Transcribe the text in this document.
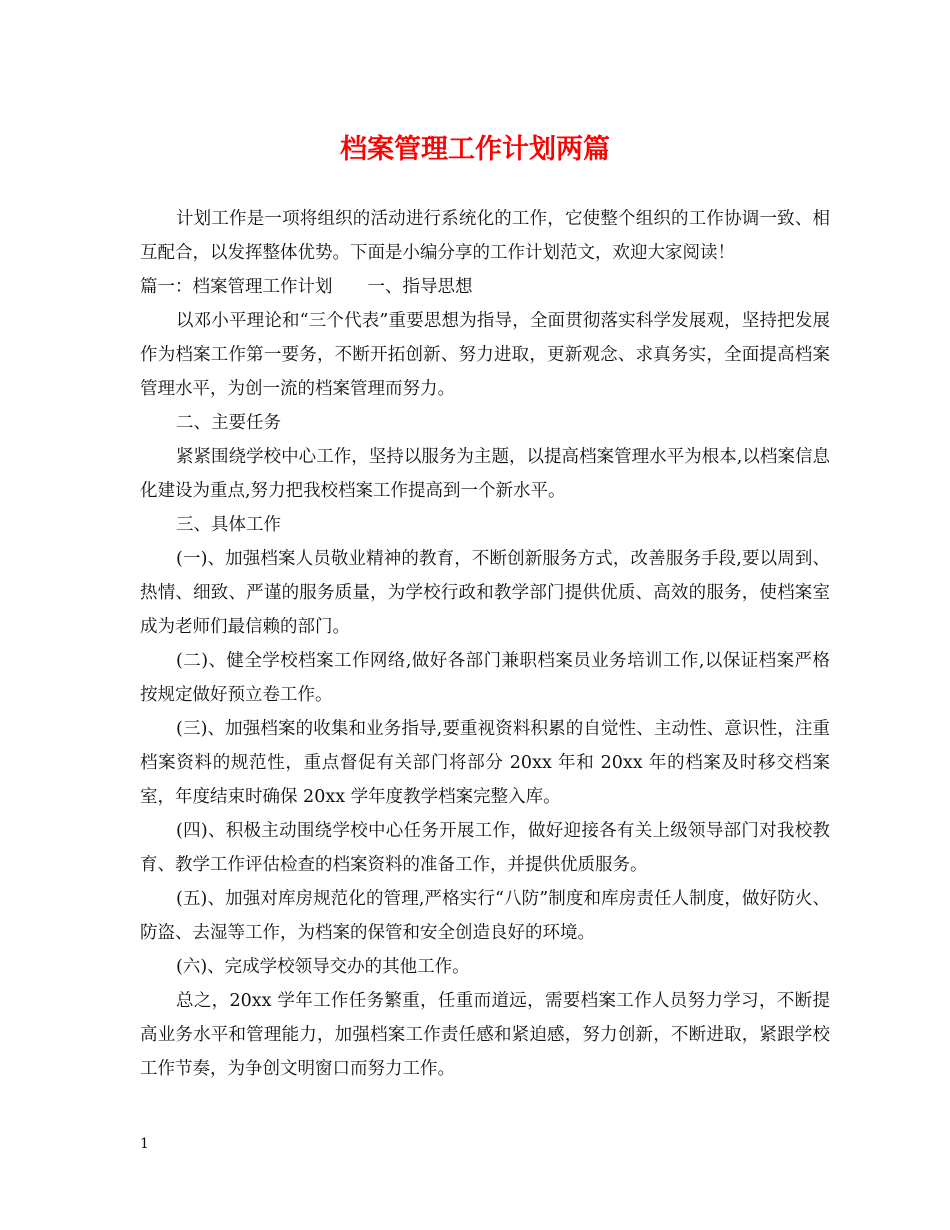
档案管理工作计划两篇

计划工作是一项将组织的活动进行系统化的工作，它使整个组织的工作协调一致、相互配合，以发挥整体优势。下面是小编分享的工作计划范文，欢迎大家阅读！

篇一：档案管理工作计划　　一、指导思想

以邓小平理论和“三个代表”重要思想为指导，全面贯彻落实科学发展观，坚持把发展作为档案工作第一要务，不断开拓创新、努力进取，更新观念、求真务实，全面提高档案管理水平，为创一流的档案管理而努力。

二、主要任务

紧紧围绕学校中心工作，坚持以服务为主题，以提高档案管理水平为根本,以档案信息化建设为重点,努力把我校档案工作提高到一个新水平。

三、具体工作

(一)、加强档案人员敬业精神的教育，不断创新服务方式，改善服务手段,要以周到、热情、细致、严谨的服务质量，为学校行政和教学部门提供优质、高效的服务，使档案室 成为老师们最信赖的部门。

(二)、健全学校档案工作网络,做好各部门兼职档案员业务培训工作,以保证档案严格按规定做好预立卷工作。

(三)、加强档案的收集和业务指导,要重视资料积累的自觉性、主动性、意识性，注重档案资料的规范性，重点督促有关部门将部分 20xx 年和 20xx 年的档案及时移交档案室，年度结束时确保 20xx 学年度教学档案完整入库。

(四)、积极主动围绕学校中心任务开展工作，做好迎接各有关上级领导部门对我校教育、教学工作评估检查的档案资料的准备工作，并提供优质服务。

(五)、加强对库房规范化的管理,严格实行“八防”制度和库房责任人制度，做好防火、防盗、去湿等工作，为档案的保管和安全创造良好的环境。

(六)、完成学校领导交办的其他工作。

总之，20xx 学年工作任务繁重，任重而道远，需要档案工作人员努力学习，不断提高业务水平和管理能力，加强档案工作责任感和紧迫感，努力创新，不断进取，紧跟学校工作节奏，为争创文明窗口而努力工作。

1
